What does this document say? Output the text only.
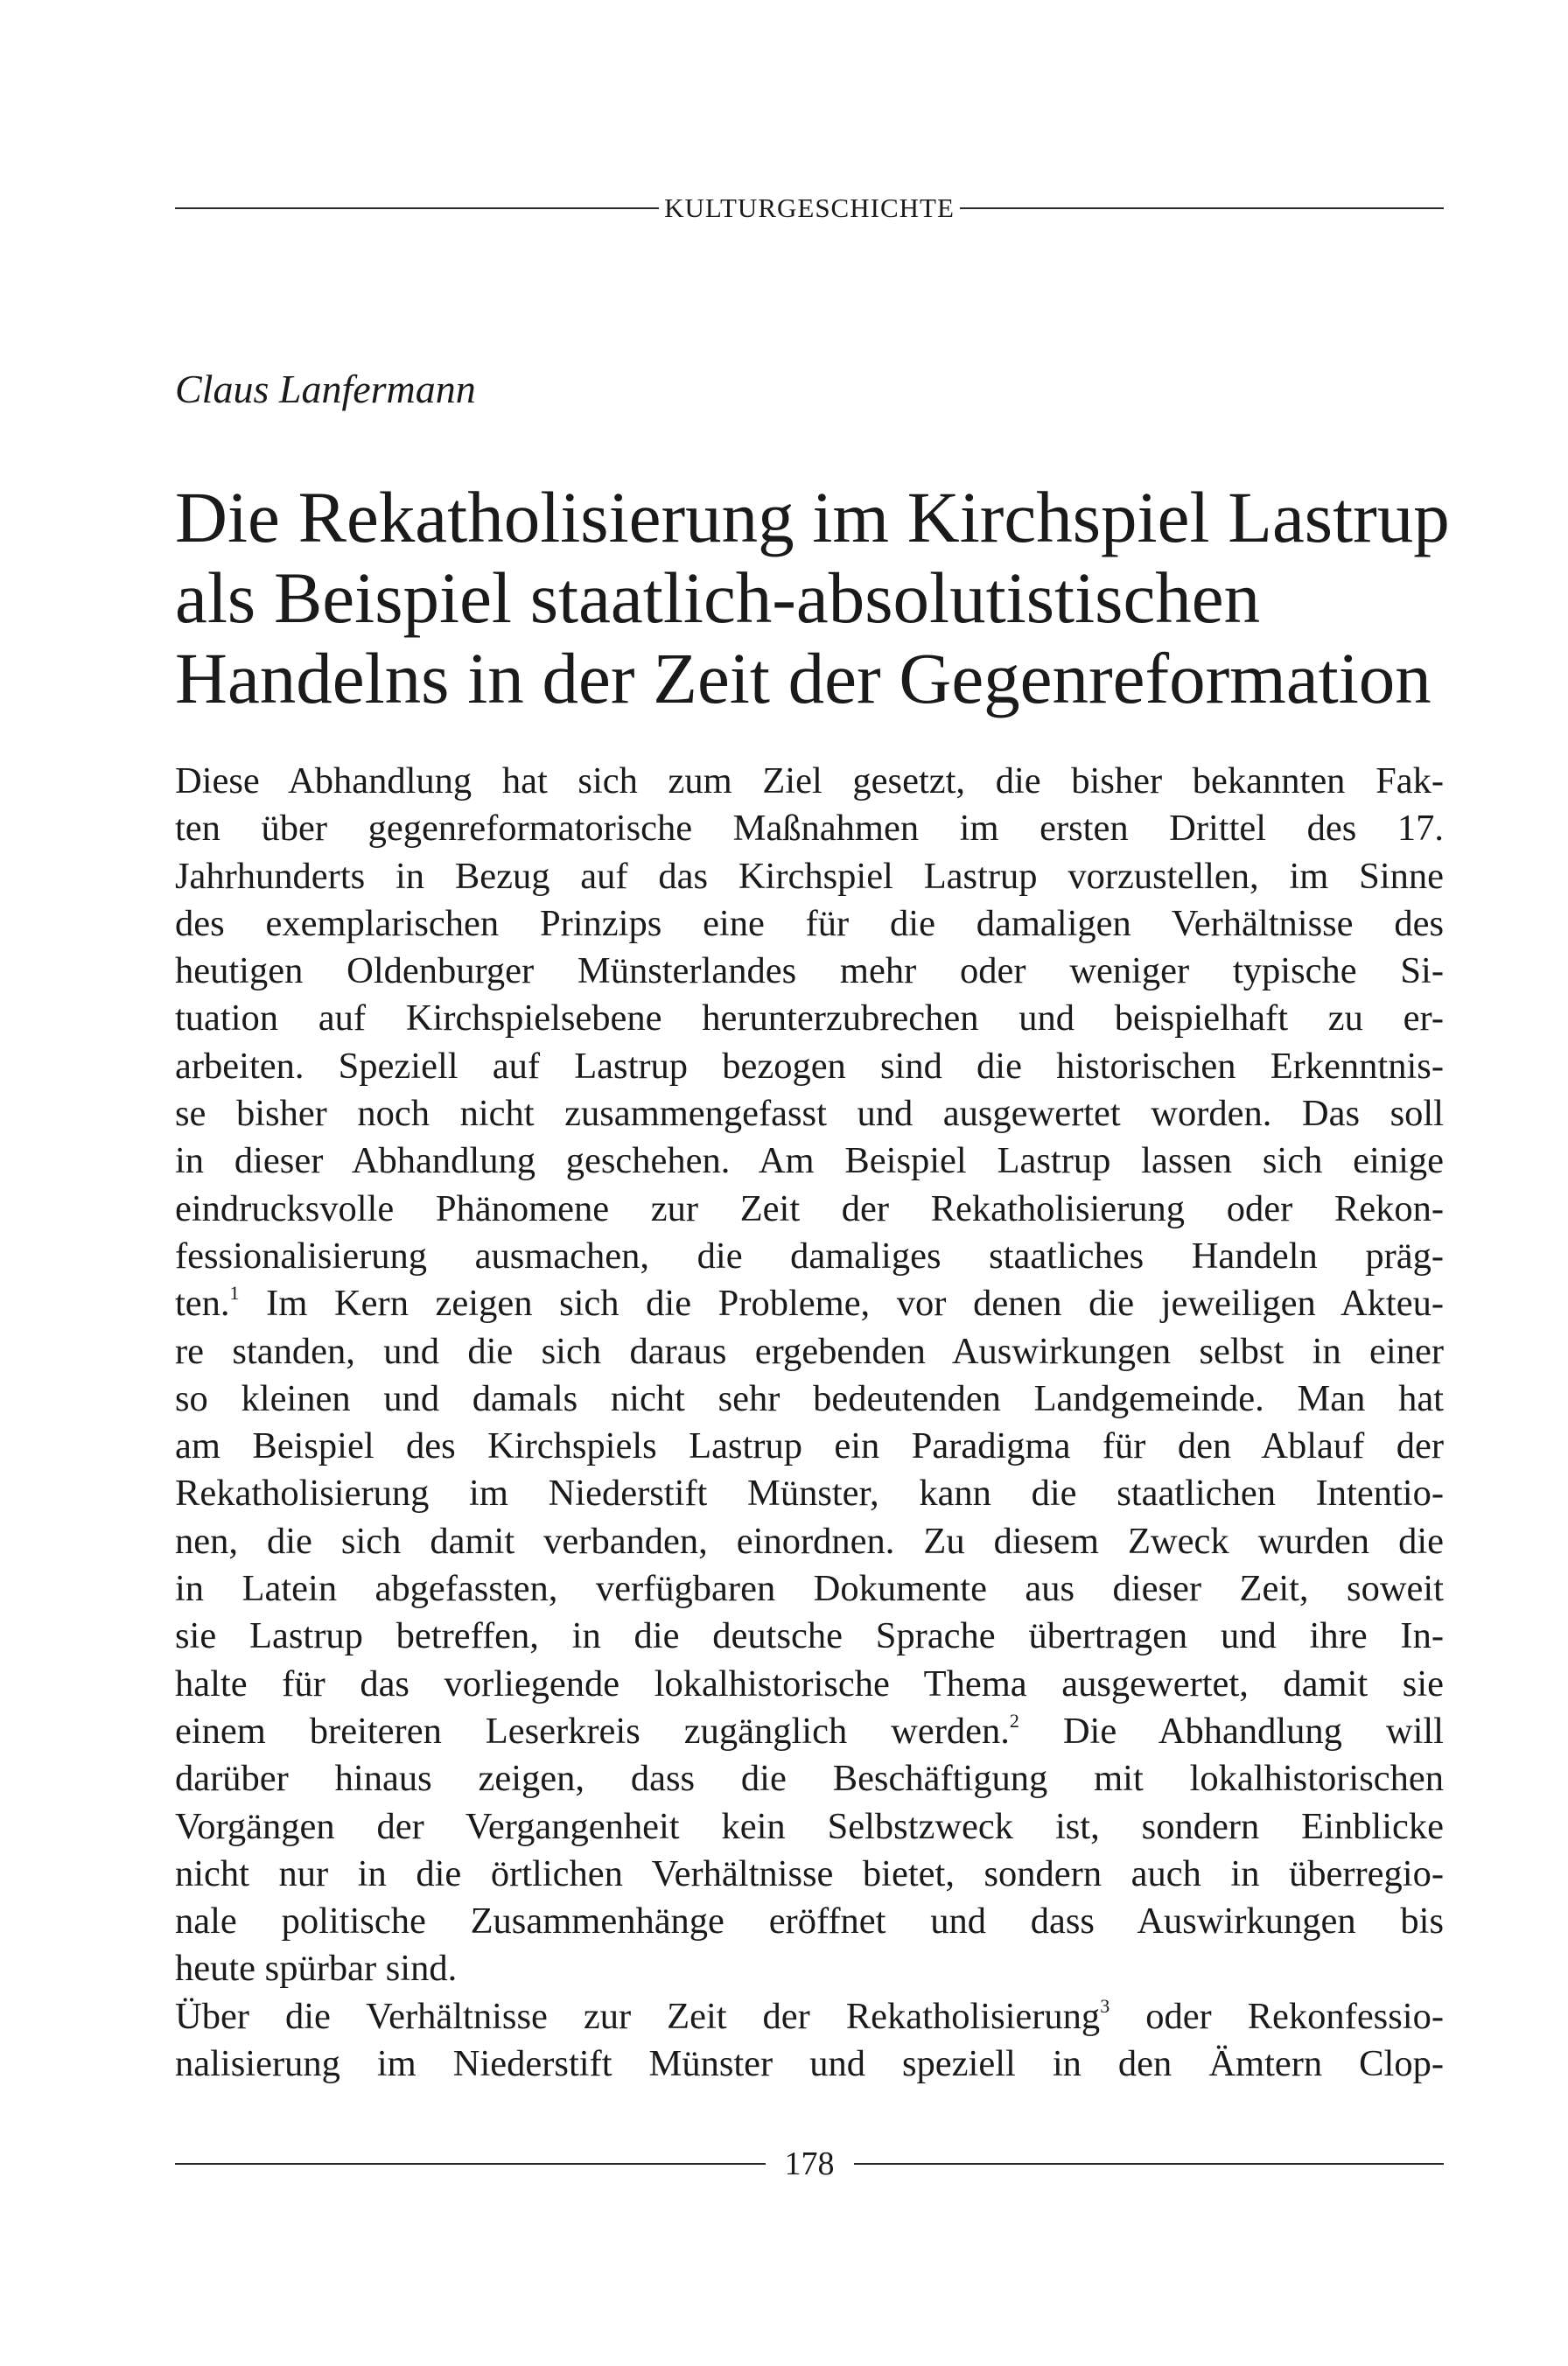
KULTURGESCHICHTE
Claus Lanfermann
Die Rekatholisierung im Kirchspiel Lastrup
als Beispiel staatlich-absolutistischen
Handelns in der Zeit der Gegenreformation
Diese Abhandlung hat sich zum Ziel gesetzt, die bisher bekannten Fak-
ten über gegenreformatorische Maßnahmen im ersten Drittel des 17.
Jahrhunderts in Bezug auf das Kirchspiel Lastrup vorzustellen, im Sinne
des exemplarischen Prinzips eine für die damaligen Verhältnisse des
heutigen Oldenburger Münsterlandes mehr oder weniger typische Si-
tuation auf Kirchspielsebene herunterzubrechen und beispielhaft zu er-
arbeiten. Speziell auf Lastrup bezogen sind die historischen Erkenntnis-
se bisher noch nicht zusammengefasst und ausgewertet worden. Das soll
in dieser Abhandlung geschehen. Am Beispiel Lastrup lassen sich einige
eindrucksvolle Phänomene zur Zeit der Rekatholisierung oder Rekon-
fessionalisierung ausmachen, die damaliges staatliches Handeln präg-
ten.$^1$ Im Kern zeigen sich die Probleme, vor denen die jeweiligen Akteu-
re standen, und die sich daraus ergebenden Auswirkungen selbst in einer
so kleinen und damals nicht sehr bedeutenden Landgemeinde. Man hat
am Beispiel des Kirchspiels Lastrup ein Paradigma für den Ablauf der
Rekatholisierung im Niederstift Münster, kann die staatlichen Intentio-
nen, die sich damit verbanden, einordnen. Zu diesem Zweck wurden die
in Latein abgefassten, verfügbaren Dokumente aus dieser Zeit, soweit
sie Lastrup betreffen, in die deutsche Sprache übertragen und ihre In-
halte für das vorliegende lokalhistorische Thema ausgewertet, damit sie
einem breiteren Leserkreis zugänglich werden.$^2$ Die Abhandlung will
darüber hinaus zeigen, dass die Beschäftigung mit lokalhistorischen
Vorgängen der Vergangenheit kein Selbstzweck ist, sondern Einblicke
nicht nur in die örtlichen Verhältnisse bietet, sondern auch in überregio-
nale politische Zusammenhänge eröffnet und dass Auswirkungen bis
heute spürbar sind.
Über die Verhältnisse zur Zeit der Rekatholisierung$^3$ oder Rekonfessio-
nalisierung im Niederstift Münster und speziell in den Ämtern Clop-
178
